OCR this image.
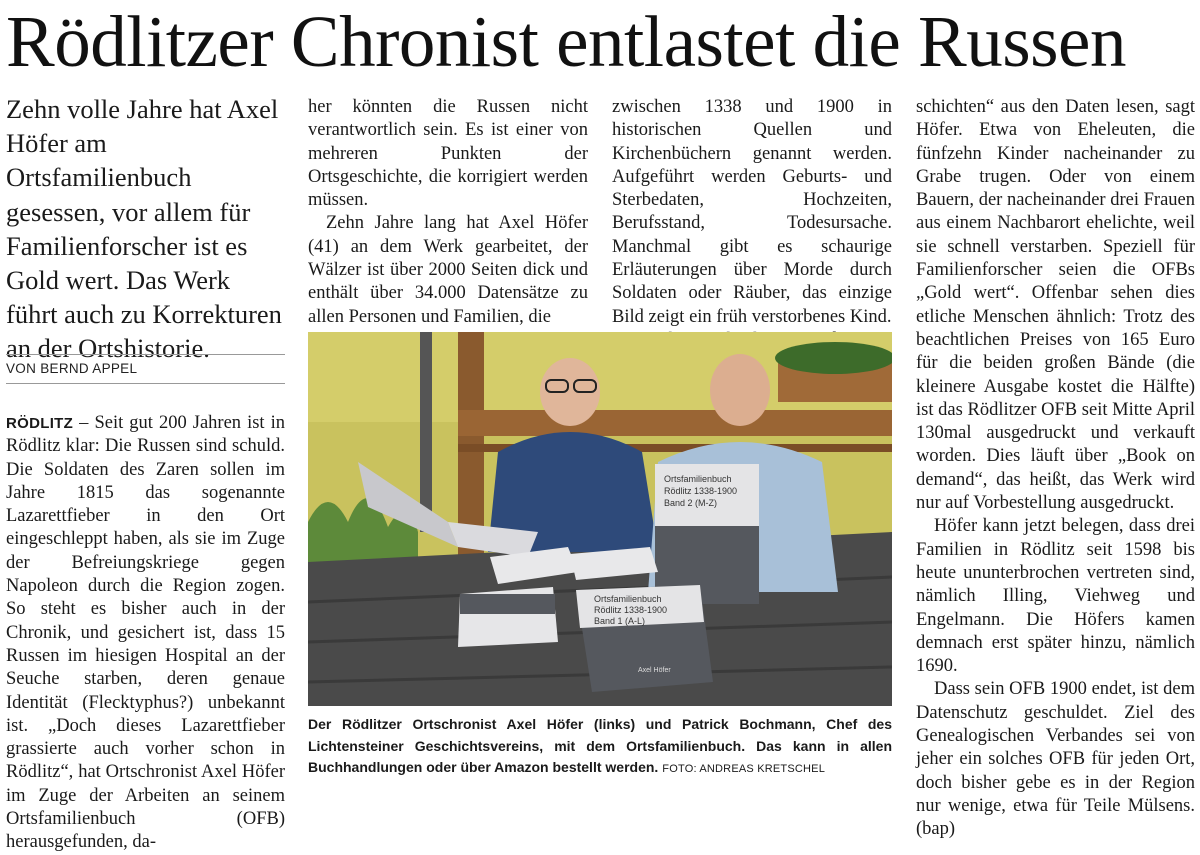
Rödlitzer Chronist entlastet die Russen
Zehn volle Jahre hat Axel Höfer am Ortsfamilienbuch gesessen, vor allem für Familienforscher ist es Gold wert. Das Werk führt auch zu Korrekturen an der Ortshistorie.
VON BERND APPEL

RÖDLITZ – Seit gut 200 Jahren ist in Rödlitz klar: Die Russen sind schuld. Die Soldaten des Zaren sollen im Jahre 1815 das sogenannte Lazarettfieber in den Ort eingeschleppt haben, als sie im Zuge der Befreiungskriege gegen Napoleon durch die Region zogen. So steht es bisher auch in der Chronik, und gesichert ist, dass 15 Russen im hiesigen Hospital an der Seuche starben, deren genaue Identität (Flecktyphus?) unbekannt ist. „Doch dieses Lazarettfieber grassierte auch vorher schon in Rödlitz“, hat Ortschronist Axel Höfer im Zuge der Arbeiten an seinem Ortsfamilienbuch (OFB) herausgefunden, da-

her könnten die Russen nicht verantwortlich sein. Es ist einer von mehreren Punkten der Ortsgeschichte, die korrigiert werden müssen.

Zehn Jahre lang hat Axel Höfer (41) an dem Werk gearbeitet, der Wälzer ist über 2000 Seiten dick und enthält über 34.000 Datensätze zu allen Personen und Familien, die

zwischen 1338 und 1900 in historischen Quellen und Kirchenbüchern genannt werden. Aufgeführt werden Geburts- und Sterbedaten, Hochzeiten, Berufsstand, Todesursache. Manchmal gibt es schaurige Erläuterungen über Morde durch Soldaten oder Räuber, das einzige Bild zeigt ein früh verstorbenes Kind.

schichten“ aus den Daten lesen, sagt Höfer. Etwa von Eheleuten, die fünfzehn Kinder nacheinander zu Grabe trugen. Oder von einem Bauern, der nacheinander drei Frauen aus einem Nachbarort ehelichte, weil sie schnell verstarben. Speziell für Familienforscher seien die OFBs „Gold wert“. Offenbar sehen dies etliche Menschen ähnlich: Trotz des beachtlichen Preises von 165 Euro für die beiden großen Bände (die kleinere Ausgabe kostet die Hälfte) ist das Rödlitzer OFB seit Mitte April 130mal ausgedruckt und verkauft worden. Dies läuft über „Book on demand“, das heißt, das Werk wird nur auf Vorbestellung ausgedruckt.

Höfer kann jetzt belegen, dass drei Familien in Rödlitz seit 1598 bis heute ununterbrochen vertreten sind, nämlich Illing, Viehweg und Engelmann. Die Höfers kamen demnach erst später hinzu, nämlich 1690.

Dass sein OFB 1900 endet, ist dem Datenschutz geschuldet. Ziel des Genealogischen Verbandes sei von jeher ein solches OFB für jeden Ort, doch bisher gebe es in der Region nur wenige, etwa für Teile Mülsens. (bap)

Ortsfamilienbuch
Rödlitz 1338-1900
Band 2 (M-Z)
Ortsfamilienbuch
Rödlitz 1338-1900
Band 1 (A-L)
Axel Höfer
Der Rödlitzer Ortschronist Axel Höfer (links) und Patrick Bochmann, Chef des Lichtensteiner Geschichtsvereins, mit dem Ortsfamilienbuch. Das kann in allen Buchhandlungen oder über Amazon bestellt werden. FOTO: ANDREAS KRETSCHEL
